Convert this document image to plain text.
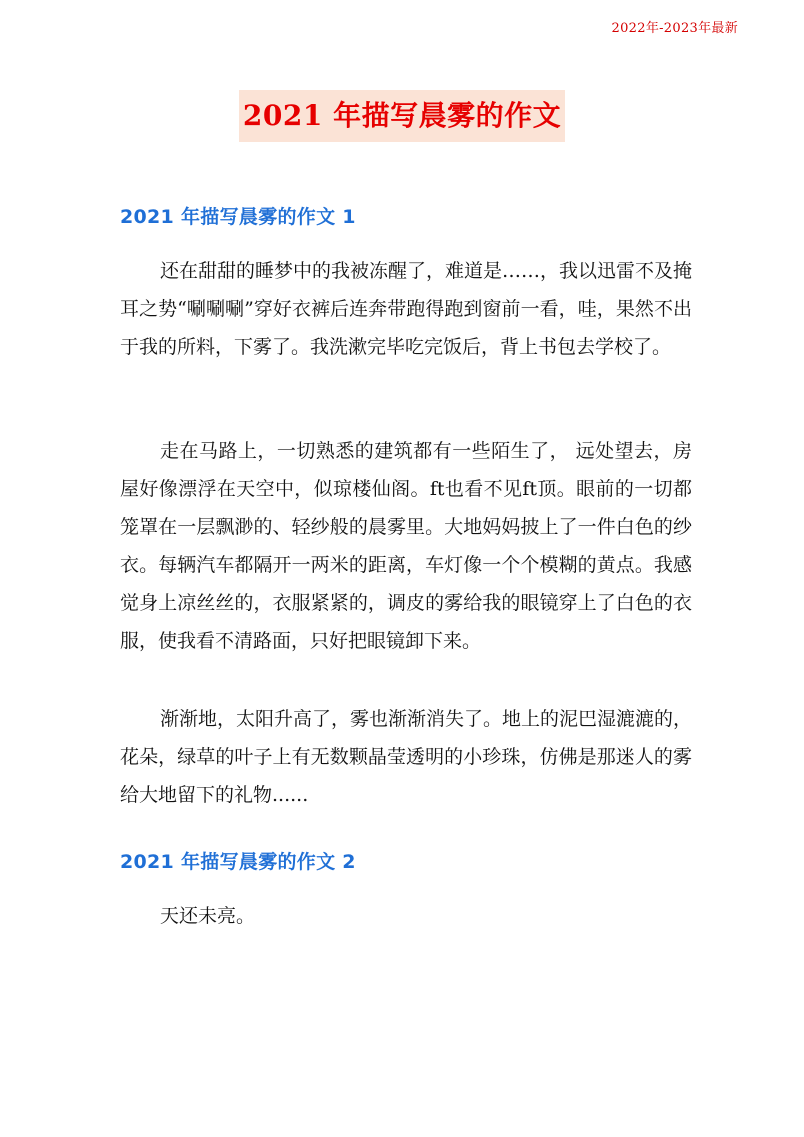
2022年-2023年最新
2021 年描写晨雾的作文
2021 年描写晨雾的作文 1
还在甜甜的睡梦中的我被冻醒了，难道是……，我以迅雷不及掩耳之势“唰唰唰”穿好衣裤后连奔带跑得跑到窗前一看，哇，果然不出于我的所料，下雾了。我洗漱完毕吃完饭后，背上书包去学校了。
走在马路上，一切熟悉的建筑都有一些陌生了， 远处望去，房屋好像漂浮在天空中，似琼楼仙阁。ft也看不见ft顶。眼前的一切都笼罩在一层飘渺的、轻纱般的晨雾里。大地妈妈披上了一件白色的纱衣。每辆汽车都隔开一两米的距离，车灯像一个个模糊的黄点。我感觉身上凉丝丝的，衣服紧紧的，调皮的雾给我的眼镜穿上了白色的衣服，使我看不清路面，只好把眼镜卸下来。
渐渐地，太阳升高了，雾也渐渐消失了。地上的泥巴湿漉漉的，花朵，绿草的叶子上有无数颗晶莹透明的小珍珠，仿佛是那迷人的雾给大地留下的礼物......
2021 年描写晨雾的作文 2
天还未亮。
